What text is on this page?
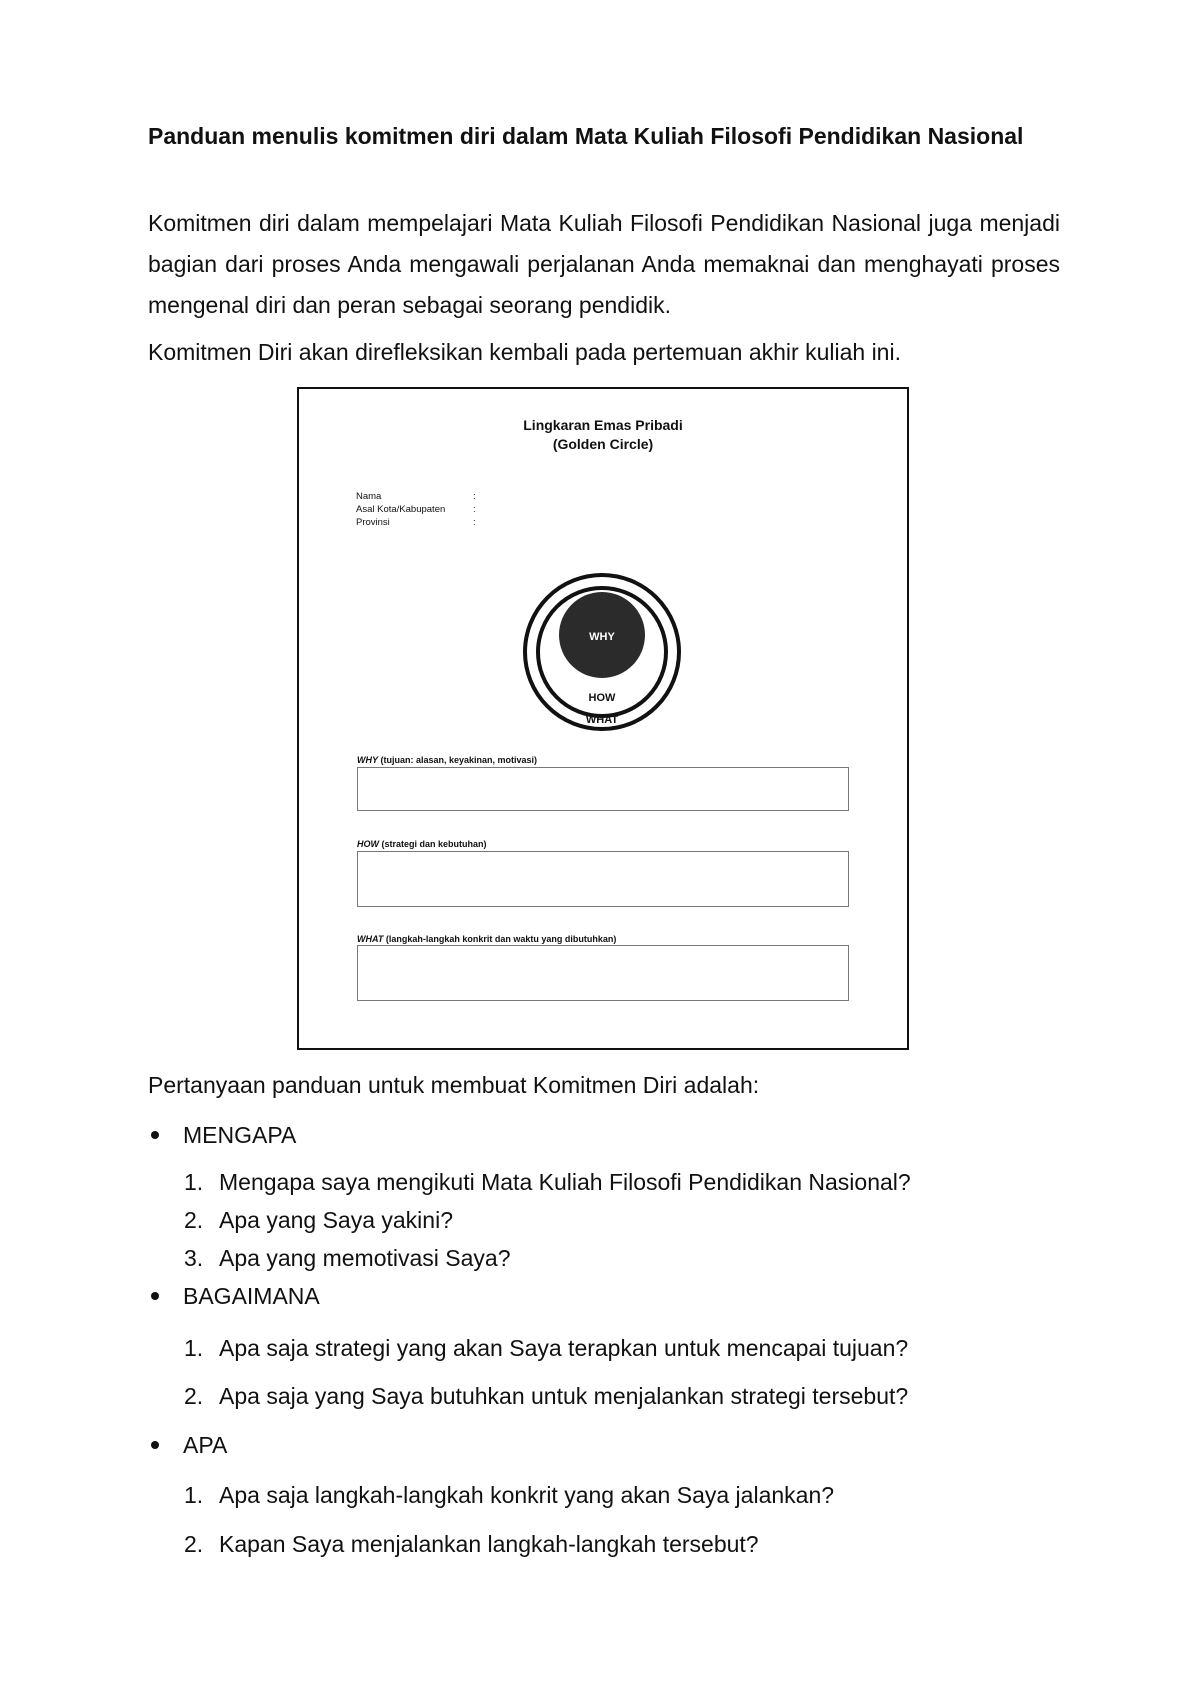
Panduan menulis komitmen diri dalam Mata Kuliah Filosofi Pendidikan Nasional

Komitmen diri dalam mempelajari Mata Kuliah Filosofi Pendidikan Nasional juga menjadi bagian dari proses Anda mengawali perjalanan Anda memaknai dan menghayati proses mengenal diri dan peran sebagai seorang pendidik.

Komitmen Diri akan direfleksikan kembali pada pertemuan akhir kuliah ini.

Lingkaran Emas Pribadi

(Golden Circle)

Nama	:
Asal Kota/Kabupaten	:
Provinsi	:
WHY
HOW
WHAT
WHY (tujuan: alasan, keyakinan, motivasi)
HOW (strategi dan kebutuhan)
WHAT (langkah-langkah konkrit dan waktu yang dibutuhkan)

Pertanyaan panduan untuk membuat Komitmen Diri adalah:

MENGAPA
1. Mengapa saya mengikuti Mata Kuliah Filosofi Pendidikan Nasional?
2. Apa yang Saya yakini?
3. Apa yang memotivasi Saya?
BAGAIMANA
1. Apa saja strategi yang akan Saya terapkan untuk mencapai tujuan?
2. Apa saja yang Saya butuhkan untuk menjalankan strategi tersebut?
APA
1. Apa saja langkah-langkah konkrit yang akan Saya jalankan?
2. Kapan Saya menjalankan langkah-langkah tersebut?
